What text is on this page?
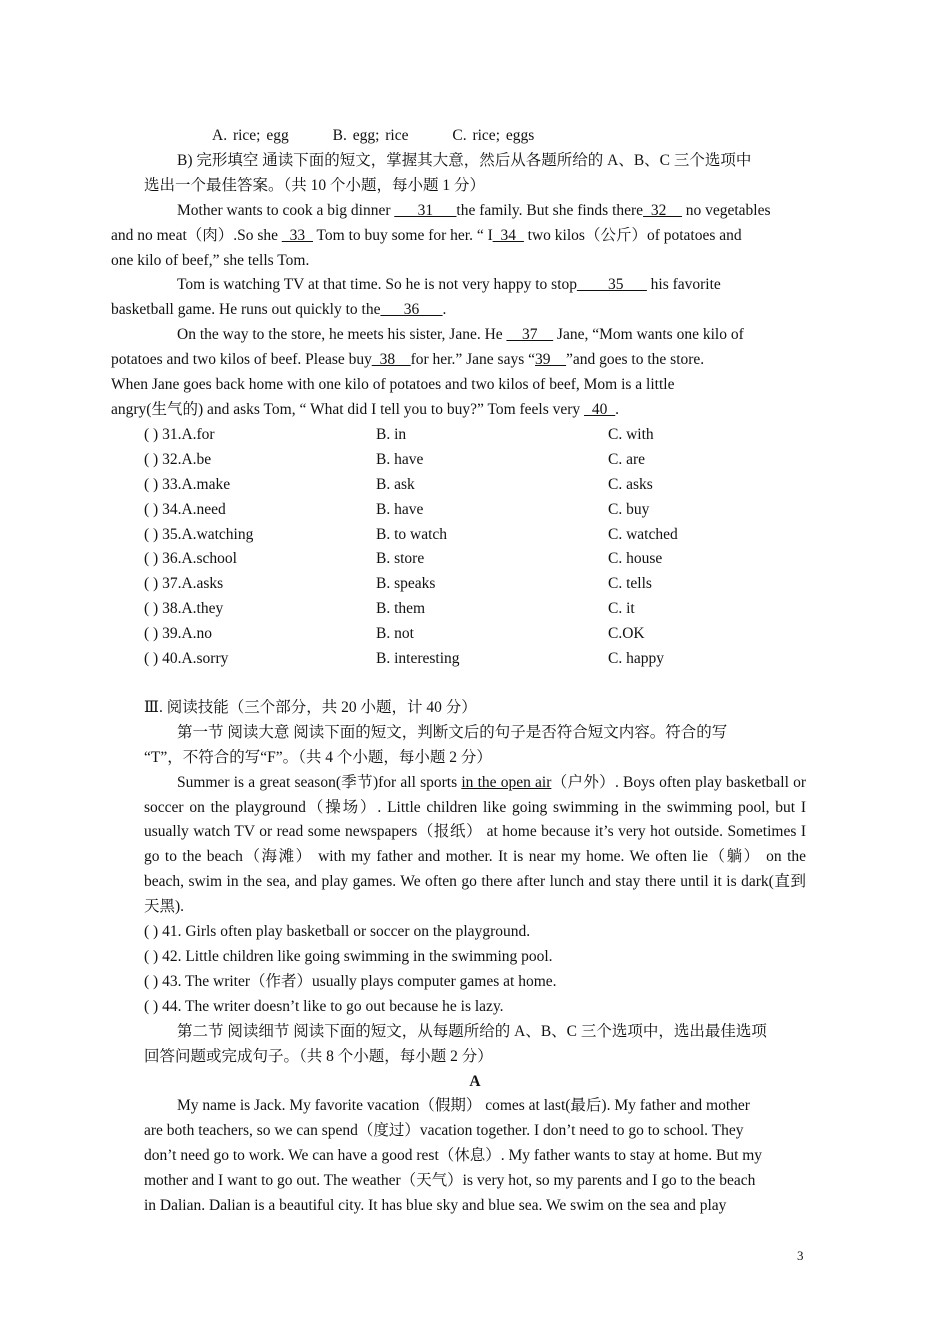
A. rice; egg	B. egg; rice	C. rice; eggs
B) 完形填空 通读下面的短文，掌握其大意，然后从各题所给的 A、B、C 三个选项中
选出一个最佳答案。（共 10 个小题，每小题 1 分）
Mother wants to cook a big dinner ___31___the family. But she finds there_32__ no vegetables
and no meat（肉）.So she _33_ Tom to buy some for her. “ I_34_ two kilos（公斤）of potatoes and
one kilo of beef,” she tells Tom.
Tom is watching TV at that time. So he is not very happy to stop____35___ his favorite
basketball game. He runs out quickly to the___36___.
On the way to the store, he meets his sister, Jane. He __37__ Jane, “Mom wants one kilo of
potatoes and two kilos of beef. Please buy_38__for her.” Jane says “39__”and goes to the store.
When Jane goes back home with one kilo of potatoes and two kilos of beef, Mom is a little
angry(生气的) and asks Tom, “ What did I tell you to buy?” Tom feels very _40_.
( ) 31.A.for	B. in	C. with
( ) 32.A.be	B. have	C. are
( ) 33.A.make	B. ask	C. asks
( ) 34.A.need	B. have	C. buy
( ) 35.A.watching	B. to watch	C. watched
( ) 36.A.school	B. store	C. house
( ) 37.A.asks	B. speaks	C. tells
( ) 38.A.they	B. them	C. it
( ) 39.A.no	B. not	C.OK
( ) 40.A.sorry	B. interesting	C. happy
Ⅲ. 阅读技能（三个部分，共 20 小题，计 40 分）
第一节 阅读大意 阅读下面的短文，判断文后的句子是否符合短文内容。符合的写
“T”，不符合的写“F”。（共 4 个小题，每小题 2 分）
Summer is a great season(季节)for all sports in the open air（户外）. Boys often play basketball or soccer on the playground（操场）. Little children like going swimming in the swimming pool, but I usually watch TV or read some newspapers（报纸） at home because it’s very hot outside. Sometimes I go to the beach（海滩） with my father and mother. It is near my home. We often lie（躺） on the beach, swim in the sea, and play games. We often go there after lunch and stay there until it is dark(直到天黑).
( ) 41. Girls often play basketball or soccer on the playground.
( ) 42. Little children like going swimming in the swimming pool.
( ) 43. The writer（作者）usually plays computer games at home.
( ) 44. The writer doesn’t like to go out because he is lazy.
第二节 阅读细节 阅读下面的短文，从每题所给的 A、B、C 三个选项中，选出最佳选项
回答问题或完成句子。（共 8 个小题，每小题 2 分）
A
My name is Jack. My favorite vacation（假期） comes at last(最后). My father and mother
are both teachers, so we can spend（度过）vacation together. I don’t need to go to school. They
don’t need go to work. We can have a good rest（休息）. My father wants to stay at home. But my
mother and I want to go out. The weather（天气）is very hot, so my parents and I go to the beach
in Dalian. Dalian is a beautiful city. It has blue sky and blue sea. We swim on the sea and play
3
